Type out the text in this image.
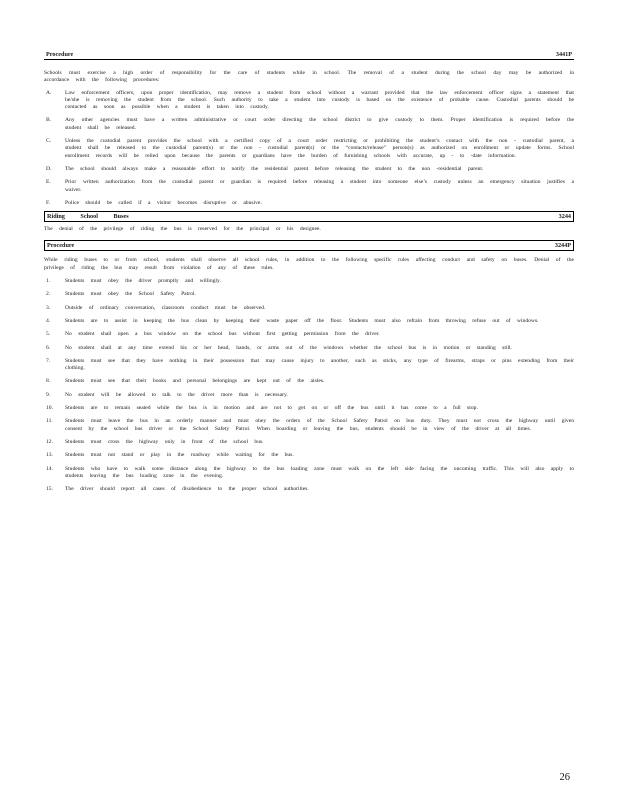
Procedure	3441P

Schools must exercise a high order of responsibility for the care of students while in school. The removal of a student during the school day may be authorized in accordance with the following procedures:

A. Law enforcement officers, upon proper identification, may remove a student from school without a warrant provided that the law enforcement officer signs a statement that he/she is removing the student from the school. Such authority to take a student into custody is based on the existence of probable cause. Custodial parents should be contacted as soon as possible when a student is taken into custody.
B. Any other agencies must have a written administrative or court order directing the school district to give custody to them. Proper identification is required before the student shall be released.
C. Unless the custodial parent provides the school with a certified copy of a court order restricting or prohibiting the student’s contact with the non - custodial parent, a student shall be released to the custodial parent(s) or the non - custodial parent(s) or the “contacts/release” person(s) as authorized on enrollment or update forms. School enrollment records will be relied upon because the parents or guardians have the burden of furnishing schools with accurate, up - to -date information.
D. The school should always make a reasonable effort to notify the residential parent before releasing the student to the non -residential parent.
E.	Prior written authorization from the custodial parent or guardian is required before releasing a student into someone else’s custody unless an emergency situation justifies a waiver.
F.	Police should be called if a visitor becomes disruptive or abusive.
Riding School Buses	3244

The denial of the privilege of riding the bus is reserved for the principal or his designee.

Procedure	3244P

While riding buses to or from school, students shall observe all school rules, in addition to the following specific rules affecting conduct and safety on buses. Denial of the privilege of riding the bus may result from violation of any of these rules.

1.	Students must obey the driver promptly and willingly.
2.	Students must obey the School Safety Patrol.
3.	Outside of ordinary conversation, classroom conduct must be observed.
4.	Students are to assist in keeping the bus clean by keeping their waste paper off the floor. Students must also refrain from throwing refuse out of windows.
5.	No student shall open a bus window on the school bus without first getting permission from the driver.
6.	No student shall at any time extend his or her head, hands, or arms out of the windows whether the school bus is in motion or standing still.
7.	Students must see that they have nothing in their possession that may cause injury to another, such as sticks, any type of firearms, straps or pins extending from their clothing.
8.	Students must see that their books and personal belongings are kept out of the aisles.
9.	No student will be allowed to talk to the driver more than is necessary.
10. Students are to remain seated while the bus is in motion and are not to get on or off the bus until it has come to a full stop.
11. Students must leave the bus in an orderly manner and must obey the orders of the School Safety Patrol on bus duty. They must not cross the highway until given consent by the school bus driver or the School Safety Patrol. When boarding or leaving the bus, students should be in view of the driver at all times.
12. Students must cross the highway only in front of the school bus.
13. Students must not stand or play in the roadway while waiting for the bus.
14. Students who have to walk some distance along the highway to the bus loading zone must walk on the left side facing the oncoming traffic. This will also apply to students leaving the bus loading zone in the evening.
15. The driver should report all cases of disobedience to the proper school authorities.
26
